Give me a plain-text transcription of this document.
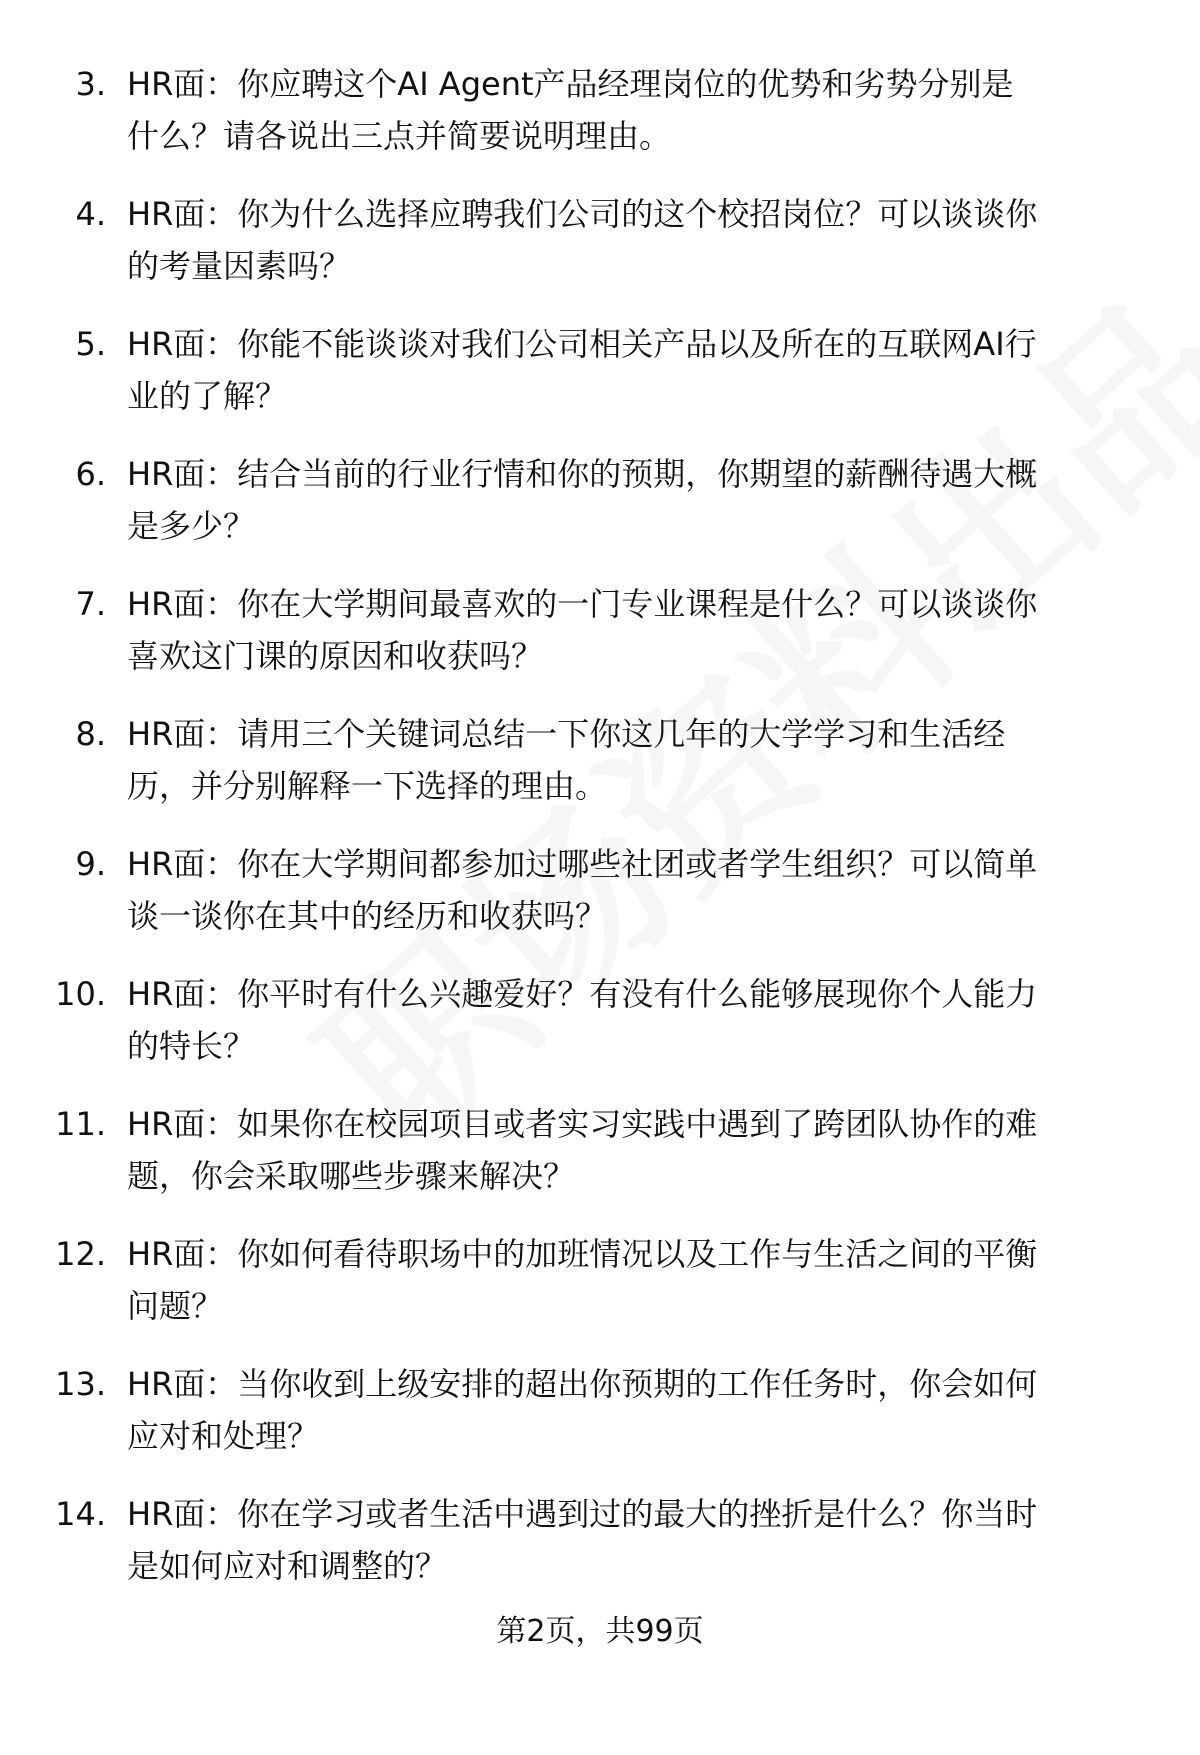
3. HR面：你应聘这个AI Agent产品经理岗位的优势和劣势分别是
什么？请各说出三点并简要说明理由。
4. HR面：你为什么选择应聘我们公司的这个校招岗位？可以谈谈你
的考量因素吗？
5. HR面：你能不能谈谈对我们公司相关产品以及所在的互联网AI行
业的了解？
6. HR面：结合当前的行业行情和你的预期，你期望的薪酬待遇大概
是多少？
7. HR面：你在大学期间最喜欢的一门专业课程是什么？可以谈谈你
喜欢这门课的原因和收获吗？
8. HR面：请用三个关键词总结一下你这几年的大学学习和生活经
历，并分别解释一下选择的理由。
9. HR面：你在大学期间都参加过哪些社团或者学生组织？可以简单
谈一谈你在其中的经历和收获吗？
10. HR面：你平时有什么兴趣爱好？有没有什么能够展现你个人能力
的特长？
11. HR面：如果你在校园项目或者实习实践中遇到了跨团队协作的难
题，你会采取哪些步骤来解决？
12. HR面：你如何看待职场中的加班情况以及工作与生活之间的平衡
问题？
13. HR面：当你收到上级安排的超出你预期的工作任务时，你会如何
应对和处理？
14. HR面：你在学习或者生活中遇到过的最大的挫折是什么？你当时
是如何应对和调整的？
第2页，共99页
